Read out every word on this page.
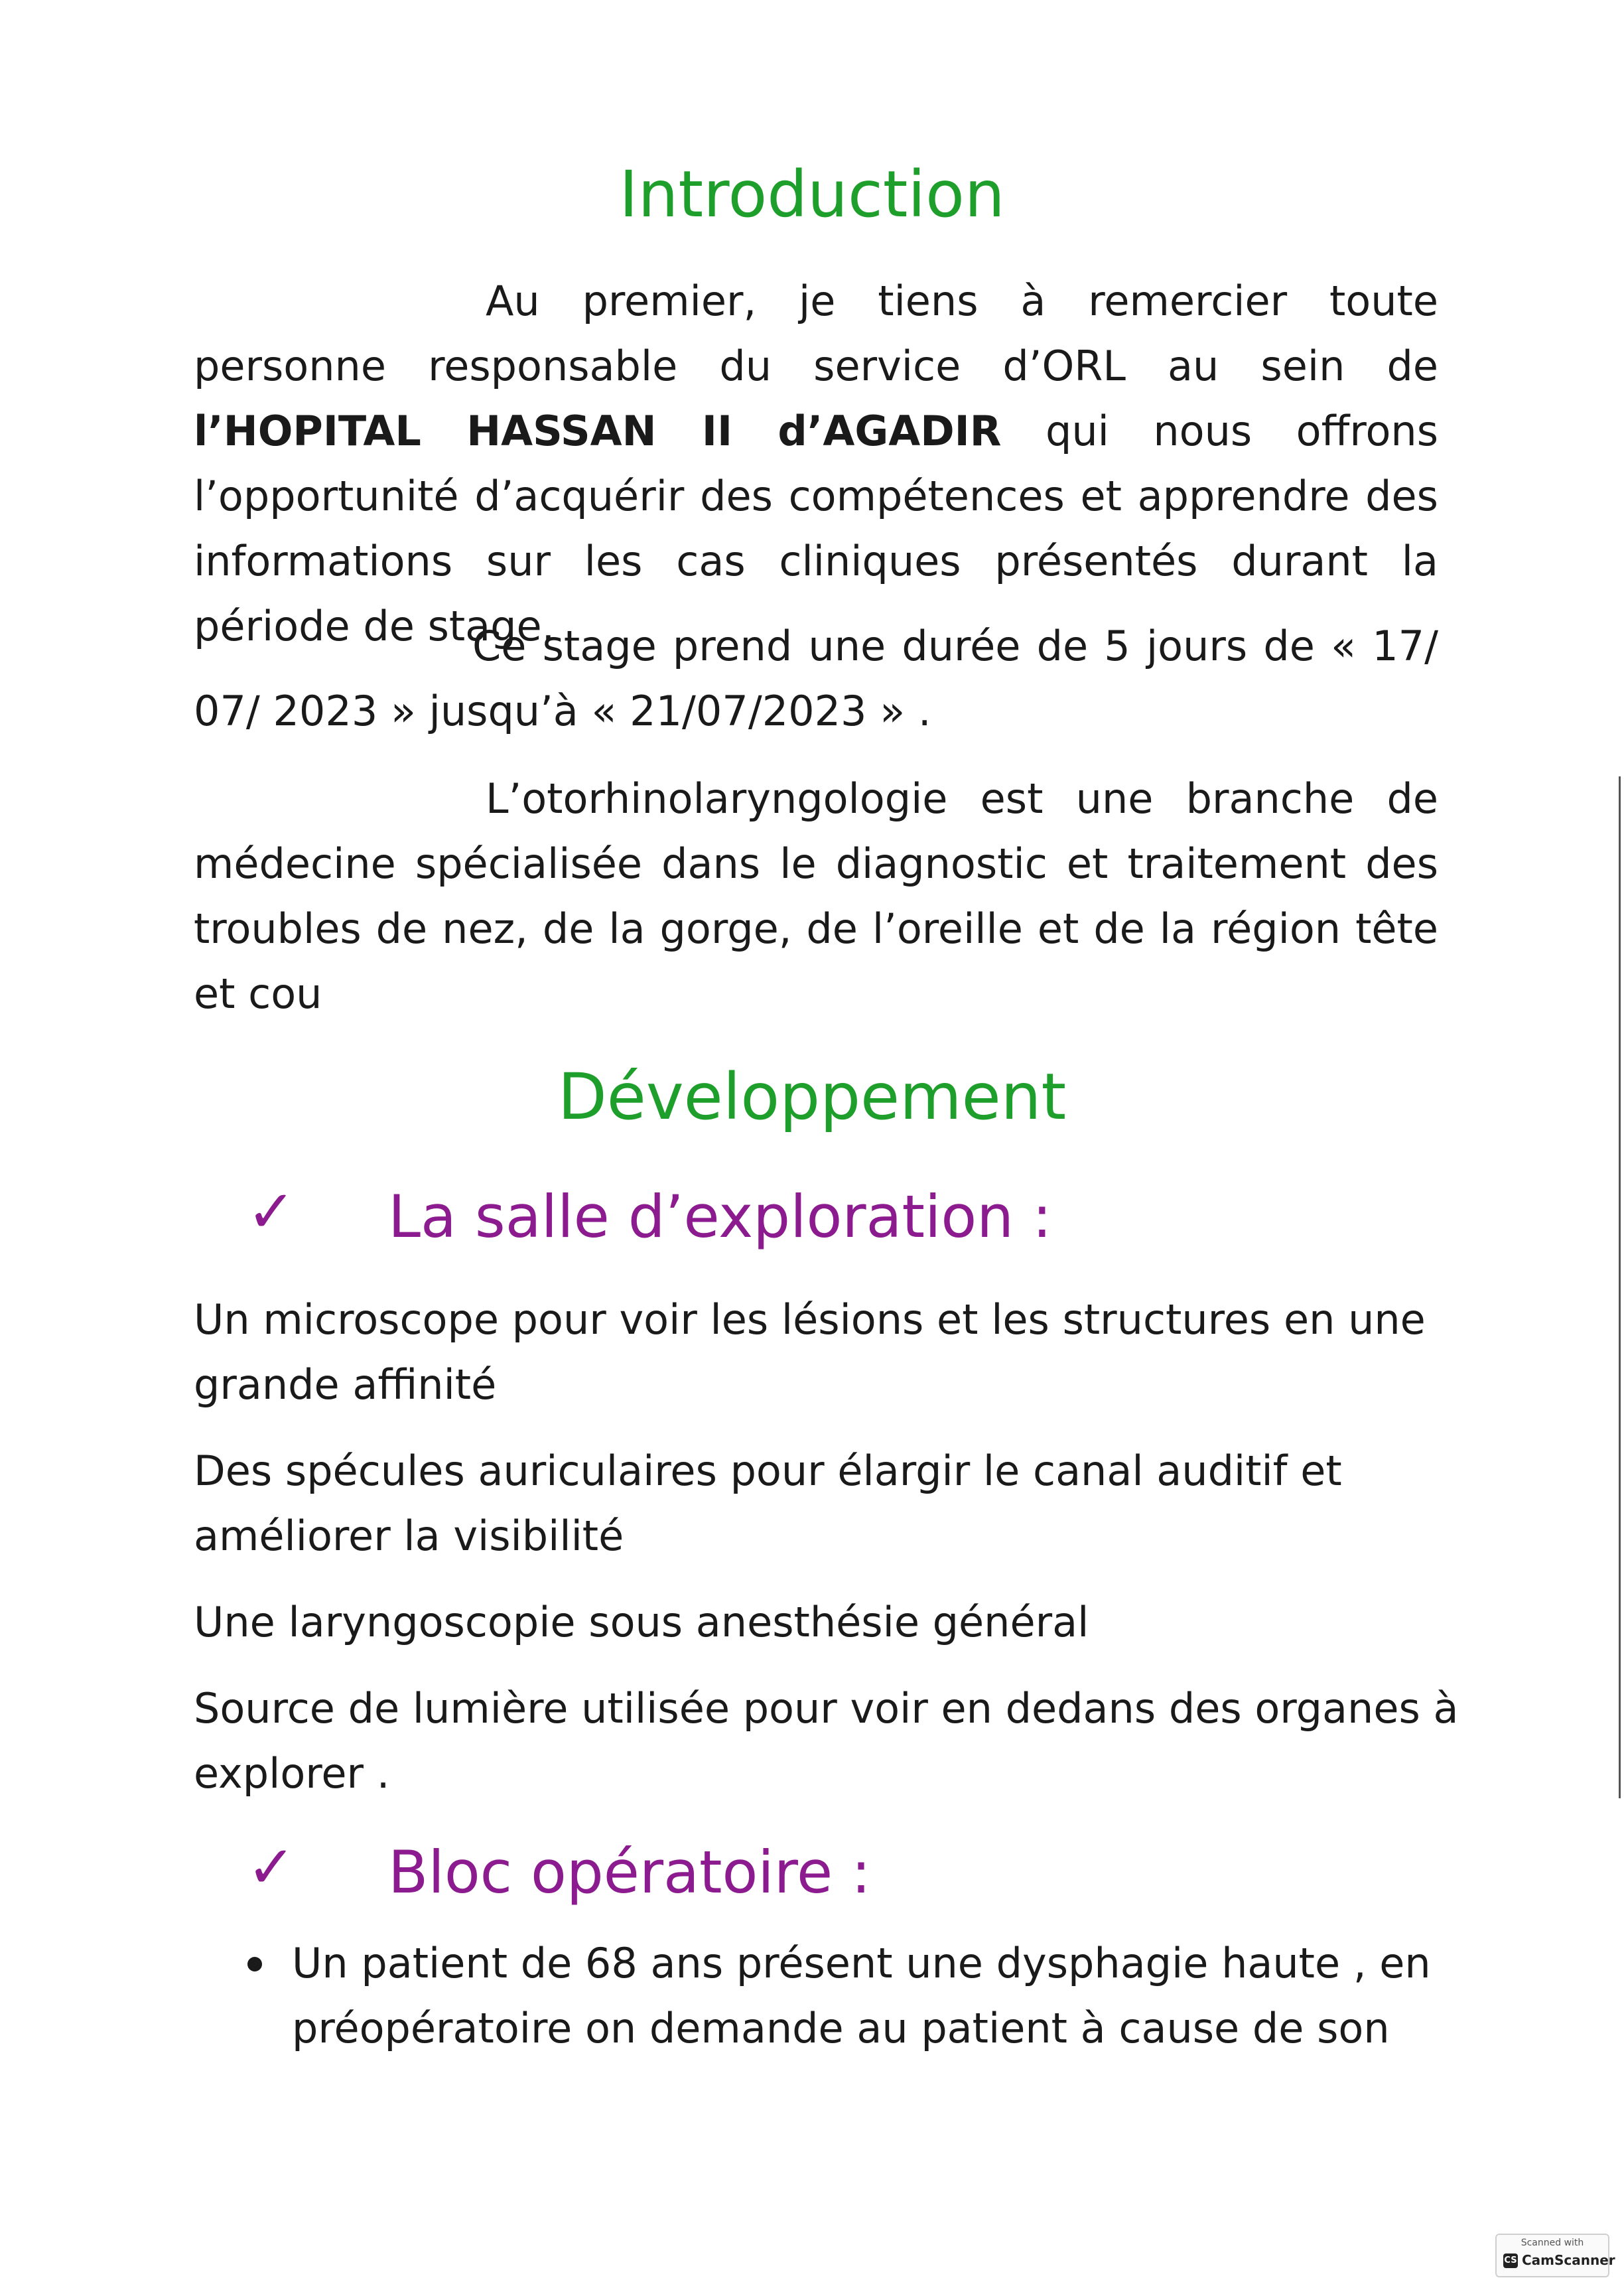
Introduction

Au premier, je tiens à remercier toute personne responsable du service d’ORL au sein de l’HOPITAL HASSAN II d’AGADIR qui nous offrons l’opportunité d’acquérir des compétences et apprendre des informations sur les cas cliniques présentés durant la période de stage.

Ce stage prend une durée de 5 jours de « 17/ 07/ 2023 » jusqu’à « 21/07/2023 » .

L’otorhinolaryngologie est une branche de médecine spécialisée dans le diagnostic et traitement des troubles de nez, de la gorge, de l’oreille et de la région tête et cou

Développement
✓ La salle d’exploration :
Un microscope pour voir les lésions et les structures en une
grande affinité
Des spécules auriculaires pour élargir le canal auditif et
améliorer la visibilité
Une laryngoscopie sous anesthésie général
Source de lumière utilisée pour voir en dedans des organes à
explorer .
✓ Bloc opératoire :
Un patient de 68 ans présent une dysphagie haute , en
préopératoire on demande au patient à cause de son
Scanned with
CS CamScanner
